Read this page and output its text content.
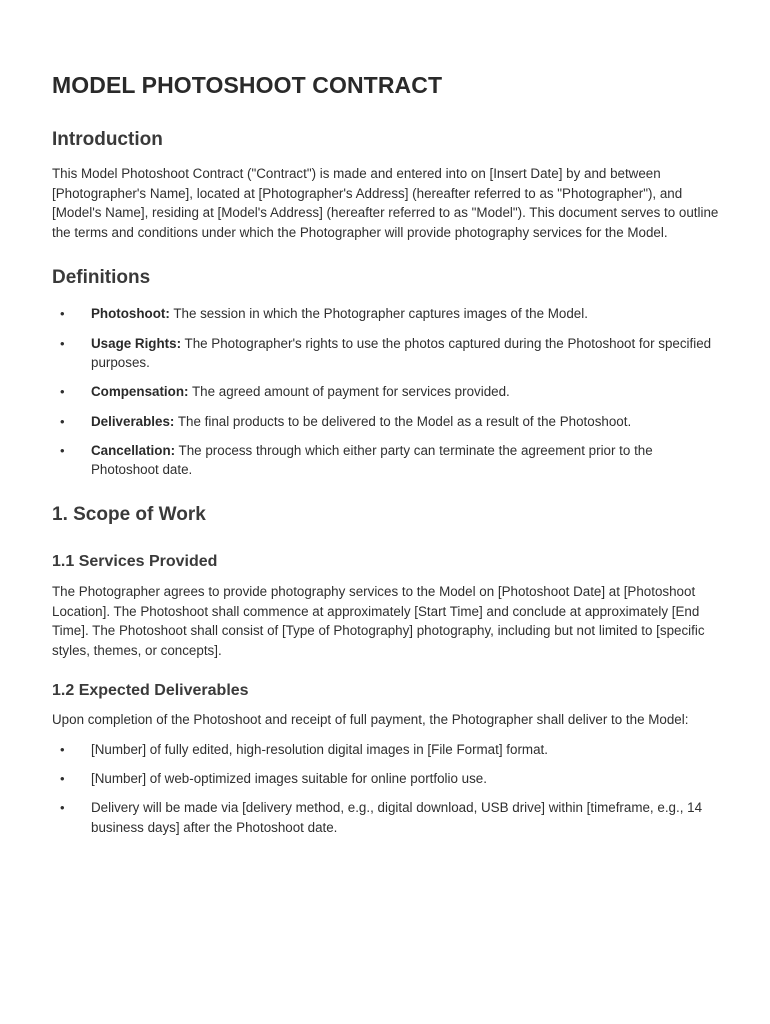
MODEL PHOTOSHOOT CONTRACT
Introduction

This Model Photoshoot Contract ("Contract") is made and entered into on [Insert Date] by and between [Photographer's Name], located at [Photographer's Address] (hereafter referred to as "Photographer"), and [Model's Name], residing at [Model's Address] (hereafter referred to as "Model"). This document serves to outline the terms and conditions under which the Photographer will provide photography services for the Model.

Definitions
• Photoshoot: The session in which the Photographer captures images of the Model.
• Usage Rights: The Photographer's rights to use the photos captured during the Photoshoot for specified purposes.
• Compensation: The agreed amount of payment for services provided.
• Deliverables: The final products to be delivered to the Model as a result of the Photoshoot.
• Cancellation: The process through which either party can terminate the agreement prior to the Photoshoot date.
1. Scope of Work
1.1 Services Provided

The Photographer agrees to provide photography services to the Model on [Photoshoot Date] at [Photoshoot Location]. The Photoshoot shall commence at approximately [Start Time] and conclude at approximately [End Time]. The Photoshoot shall consist of [Type of Photography] photography, including but not limited to [specific styles, themes, or concepts].

1.2 Expected Deliverables

Upon completion of the Photoshoot and receipt of full payment, the Photographer shall deliver to the Model:

• [Number] of fully edited, high-resolution digital images in [File Format] format.
• [Number] of web-optimized images suitable for online portfolio use.
• Delivery will be made via [delivery method, e.g., digital download, USB drive] within [timeframe, e.g., 14 business days] after the Photoshoot date.
